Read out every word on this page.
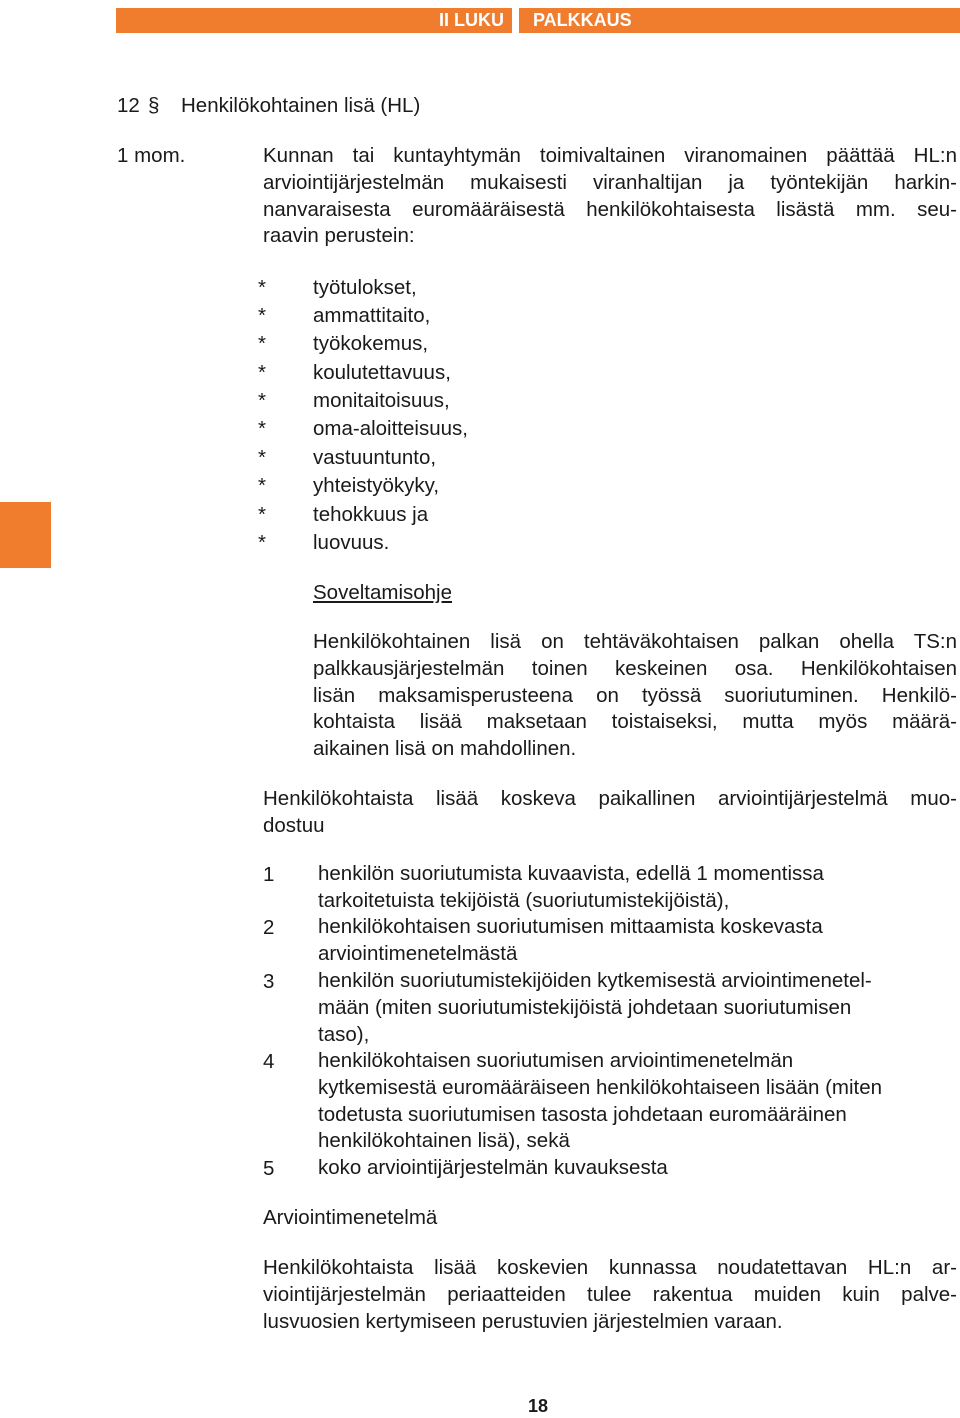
II LUKU	PALKKAUS
12 § Henkilökohtainen lisä (HL)
1 mom.	Kunnan tai kuntayhtymän toimivaltainen viranomainen päättää HL:n
arviointijärjestelmän mukaisesti viranhaltijan ja työntekijän harkin-
nanvaraisesta euromääräisestä henkilökohtaisesta lisästä mm. seu-
raavin perustein:
* työtulokset,
* ammattitaito,
* työkokemus,
* koulutettavuus,
* monitaitoisuus,
* oma-aloitteisuus,
* vastuuntunto,
* yhteistyökyky,
* tehokkuus ja
* luovuus.
Soveltamisohje
Henkilökohtainen lisä on tehtäväkohtaisen palkan ohella TS:n
palkkausjärjestelmän toinen keskeinen osa. Henkilökohtaisen
lisän maksamisperusteena on työssä suoriutuminen. Henkilö-
kohtaista lisää maksetaan toistaiseksi, mutta myös määrä-
aikainen lisä on mahdollinen.
Henkilökohtaista lisää koskeva paikallinen arviointijärjestelmä muo-
dostuu
1 henkilön suoriutumista kuvaavista, edellä 1 momentissa
tarkoitetuista tekijöistä (suoriutumistekijöistä),
2 henkilökohtaisen suoriutumisen mittaamista koskevasta
arviointimenetelmästä
3 henkilön suoriutumistekijöiden kytkemisestä arviointimenetel-
mään (miten suoriutumistekijöistä johdetaan suoriutumisen
taso),
4 henkilökohtaisen suoriutumisen arviointimenetelmän
kytkemisestä euromääräiseen henkilökohtaiseen lisään (miten
todetusta suoriutumisen tasosta johdetaan euromääräinen
henkilökohtainen lisä), sekä
5 koko arviointijärjestelmän kuvauksesta
Arviointimenetelmä
Henkilökohtaista lisää koskevien kunnassa noudatettavan HL:n ar-
viointijärjestelmän periaatteiden tulee rakentua muiden kuin palve-
lusvuosien kertymiseen perustuvien järjestelmien varaan.
18
